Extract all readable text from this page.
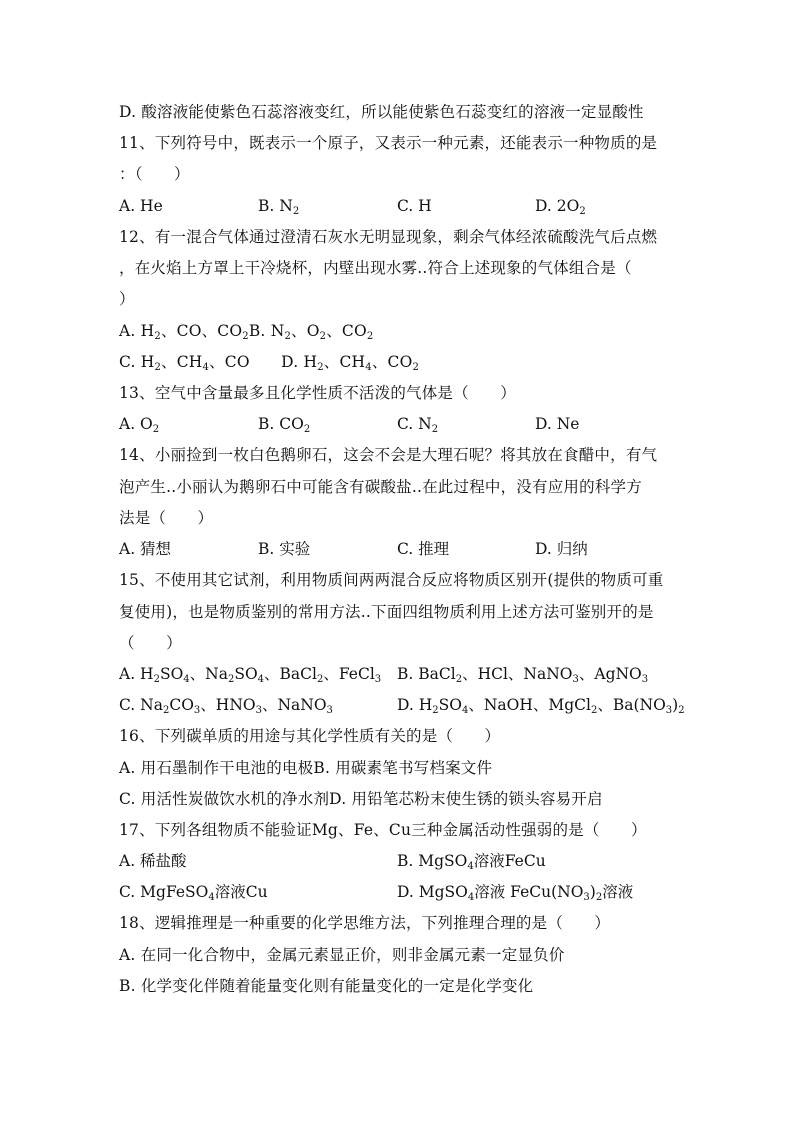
D. 酸溶液能使紫色石蕊溶液变红，所以能使紫色石蕊变红的溶液一定显酸性
11、下列符号中，既表示一个原子，又表示一种元素，还能表示一种物质的是
：（　　）
A. He	B. $N_2$	C. H	D. $2O_2$
12、有一混合气体通过澄清石灰水无明显现象，剩余气体经浓硫酸洗气后点燃
，在火焰上方罩上干冷烧杯，内壁出现水雾..符合上述现象的气体组合是（
）
A. $H_2$、CO、$CO_2B$. $N_2$、$O_2$、$CO_2$
C. $H_2$、$CH_4$、CO　　D. $H_2$、$CH_4$、$CO_2$
13、空气中含量最多且化学性质不活泼的气体是（　　）
A. $O_2$	B. $CO_2$	C. $N_2$	D. Ne
14、小丽捡到一枚白色鹅卵石，这会不会是大理石呢？将其放在食醋中，有气
泡产生..小丽认为鹅卵石中可能含有碳酸盐..在此过程中，没有应用的科学方
法是（　　）
A. 猜想	B. 实验	C. 推理	D. 归纳
15、不使用其它试剂，利用物质间两两混合反应将物质区别开(提供的物质可重
复使用)，也是物质鉴别的常用方法..下面四组物质利用上述方法可鉴别开的是
（　　）
A. $H_2SO_4$、$Na_2SO_4$、BaCl$_2$、FeCl$_3$ B. BaCl$_2$、HCl、NaNO$_3$、AgNO$_3$
C. $Na_2CO_3$、$HNO_3$、NaNO$_3$	D. $H_2SO_4$、NaOH、MgCl$_2$、$Ba(NO_3)_2$
16、下列碳单质的用途与其化学性质有关的是（　　）
A. 用石墨制作干电池的电极B. 用碳素笔书写档案文件
C. 用活性炭做饮水机的净水剂D. 用铅笔芯粉末使生锈的锁头容易开启
17、下列各组物质不能验证Mg、Fe、Cu三种金属活动性强弱的是（　　）
A. 稀盐酸	B. MgSO$_4$溶液FeCu
C. MgFeSO$_4$溶液Cu	D. MgSO$_4$溶液 $FeCu(NO_3)_2$溶液
18、逻辑推理是一种重要的化学思维方法，下列推理合理的是（　　）
A. 在同一化合物中，金属元素显正价，则非金属元素一定显负价
B. 化学变化伴随着能量变化则有能量变化的一定是化学变化
